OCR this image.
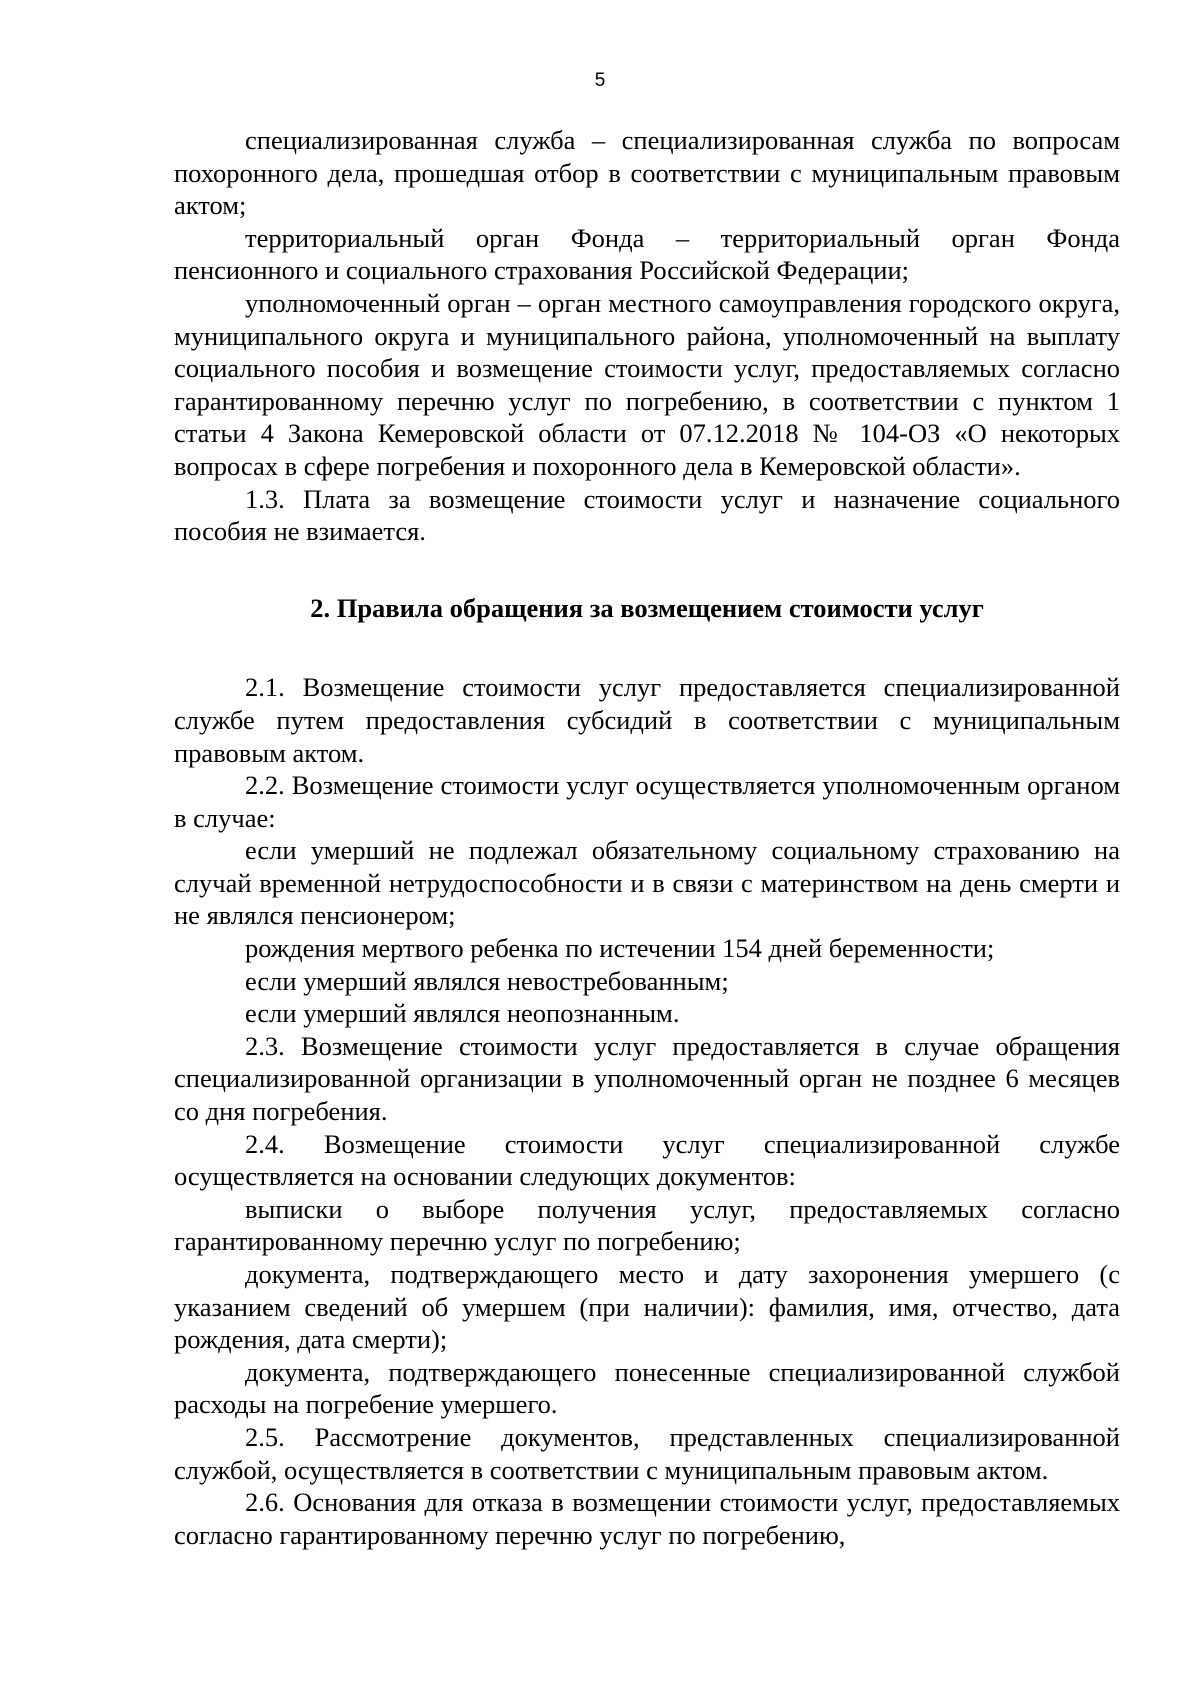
5

специализированная служба – специализированная служба по вопросам похоронного дела, прошедшая отбор в соответствии с муниципальным правовым актом;

территориальный орган Фонда – территориальный орган Фонда пенсионного и социального страхования Российской Федерации;

уполномоченный орган – орган местного самоуправления городского округа, муниципального округа и муниципального района, уполномоченный на выплату социального пособия и возмещение стоимости услуг, предоставляемых согласно гарантированному перечню услуг по погребению, в соответствии с пунктом 1 статьи 4 Закона Кемеровской области от 07.12.2018 № 104-ОЗ «О некоторых вопросах в сфере погребения и похоронного дела в Кемеровской области».

1.3. Плата за возмещение стоимости услуг и назначение социального пособия не взимается.

2. Правила обращения за возмещением стоимости услуг

2.1. Возмещение стоимости услуг предоставляется специализированной службе путем предоставления субсидий в соответствии с муниципальным правовым актом.

2.2. Возмещение стоимости услуг осуществляется уполномоченным органом в случае:

если умерший не подлежал обязательному социальному страхованию на случай временной нетрудоспособности и в связи с материнством на день смерти и не являлся пенсионером;

рождения мертвого ребенка по истечении 154 дней беременности;

если умерший являлся невостребованным;

если умерший являлся неопознанным.

2.3. Возмещение стоимости услуг предоставляется в случае обращения специализированной организации в уполномоченный орган не позднее 6 месяцев со дня погребения.

2.4. Возмещение стоимости услуг специализированной службе осуществляется на основании следующих документов:

выписки о выборе получения услуг, предоставляемых согласно гарантированному перечню услуг по погребению;

документа, подтверждающего место и дату захоронения умершего (с указанием сведений об умершем (при наличии): фамилия, имя, отчество, дата рождения, дата смерти);

документа, подтверждающего понесенные специализированной службой расходы на погребение умершего.

2.5. Рассмотрение документов, представленных специализированной службой, осуществляется в соответствии с муниципальным правовым актом.

2.6. Основания для отказа в возмещении стоимости услуг, предоставляемых согласно гарантированному перечню услуг по погребению,
